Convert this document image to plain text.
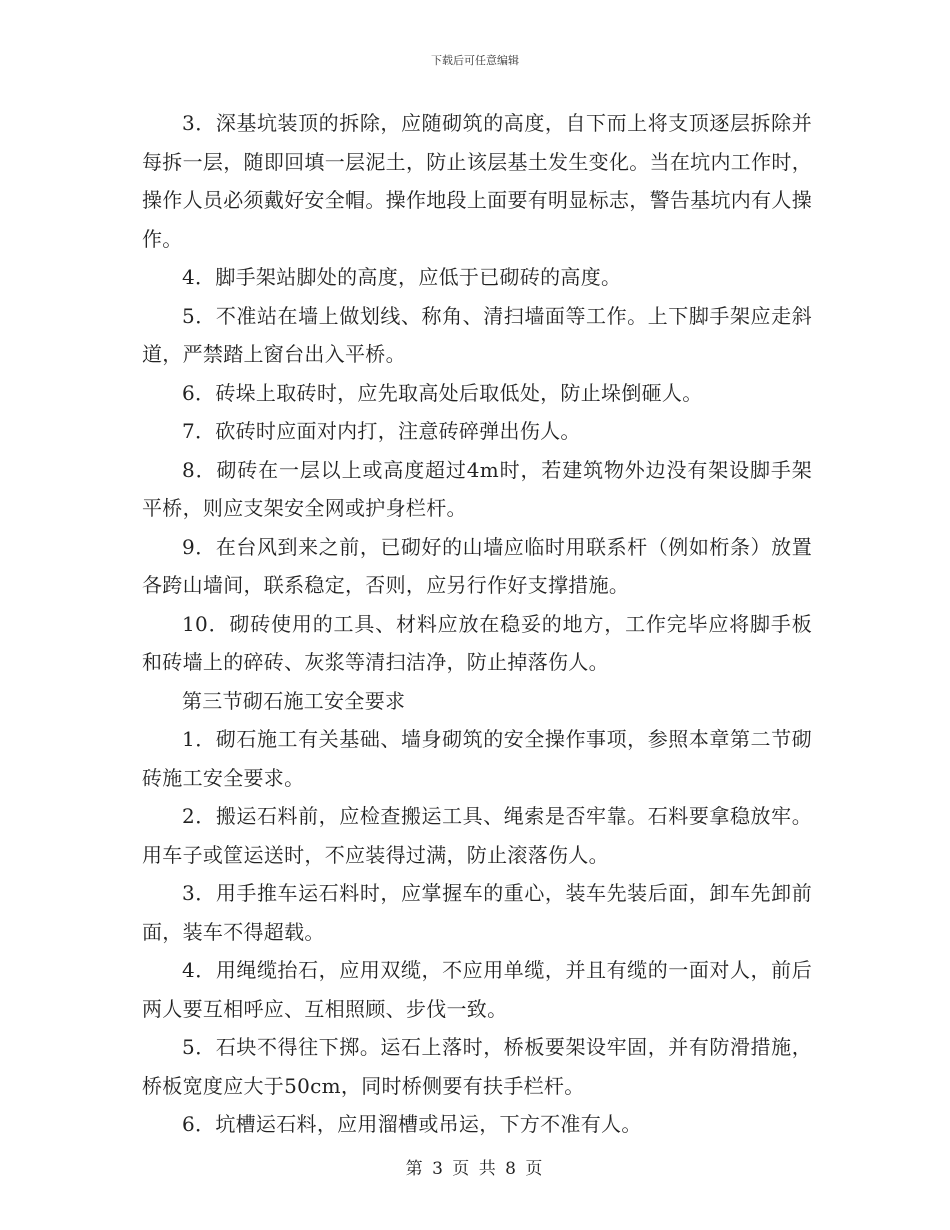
下载后可任意编辑

3．深基坑装顶的拆除，应随砌筑的高度，自下而上将支顶逐层拆除并每拆一层，随即回填一层泥土，防止该层基土发生变化。当在坑内工作时，操作人员必须戴好安全帽。操作地段上面要有明显标志，警告基坑内有人操作。

4．脚手架站脚处的高度，应低于已砌砖的高度。

5．不准站在墙上做划线、称角、清扫墙面等工作。上下脚手架应走斜道，严禁踏上窗台出入平桥。

6．砖垛上取砖时，应先取高处后取低处，防止垛倒砸人。

7．砍砖时应面对内打，注意砖碎弹出伤人。

8．砌砖在一层以上或高度超过4m时，若建筑物外边没有架设脚手架平桥，则应支架安全网或护身栏杆。

9．在台风到来之前，已砌好的山墙应临时用联系杆（例如桁条）放置各跨山墙间，联系稳定，否则，应另行作好支撑措施。

10．砌砖使用的工具、材料应放在稳妥的地方，工作完毕应将脚手板和砖墙上的碎砖、灰浆等清扫洁净，防止掉落伤人。

第三节砌石施工安全要求

1．砌石施工有关基础、墙身砌筑的安全操作事项，参照本章第二节砌砖施工安全要求。

2．搬运石料前，应检查搬运工具、绳索是否牢靠。石料要拿稳放牢。用车子或筐运送时，不应装得过满，防止滚落伤人。

3．用手推车运石料时，应掌握车的重心，装车先装后面，卸车先卸前面，装车不得超载。

4．用绳缆抬石，应用双缆，不应用单缆，并且有缆的一面对人，前后两人要互相呼应、互相照顾、步伐一致。

5．石块不得往下掷。运石上落时，桥板要架设牢固，并有防滑措施，桥板宽度应大于50cm，同时桥侧要有扶手栏杆。

6．坑槽运石料，应用溜槽或吊运，下方不准有人。

第 3 页 共 8 页
